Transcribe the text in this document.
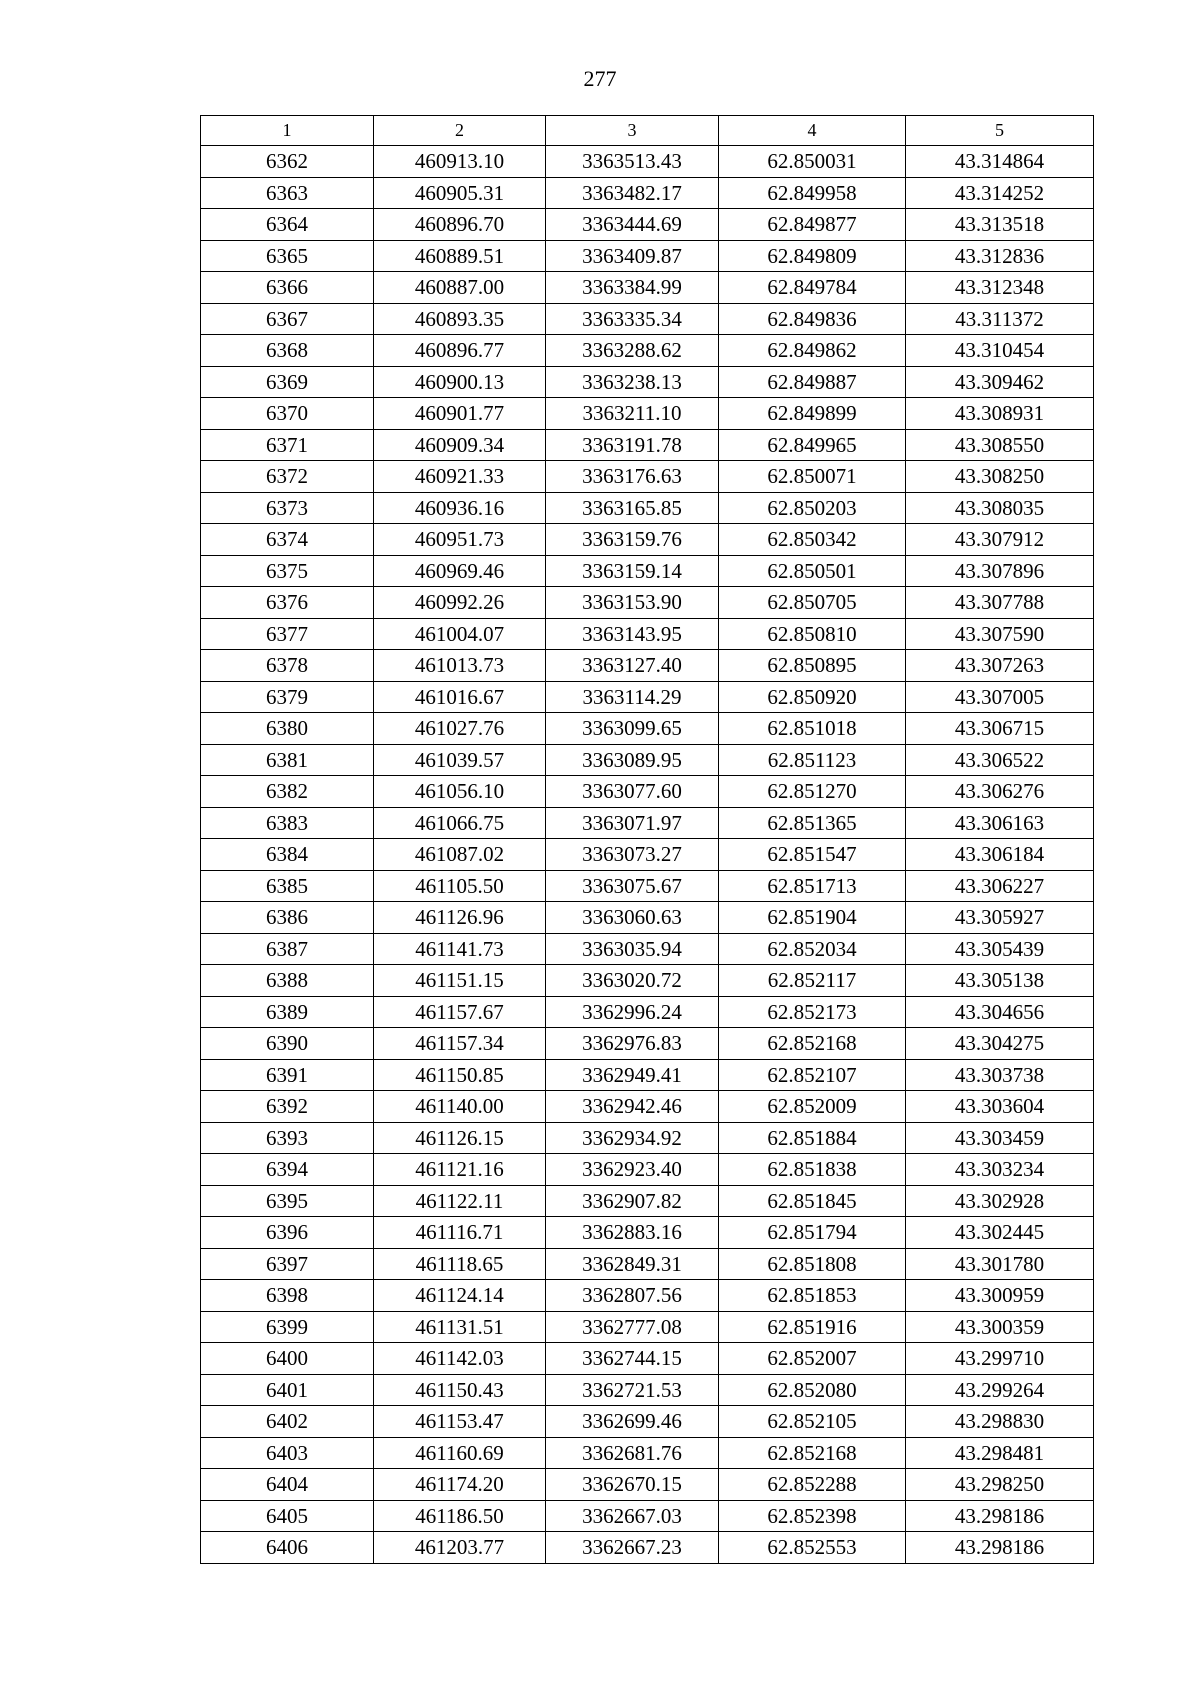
277
1	2	3	4	5
6362	460913.10	3363513.43	62.850031	43.314864
6363	460905.31	3363482.17	62.849958	43.314252
6364	460896.70	3363444.69	62.849877	43.313518
6365	460889.51	3363409.87	62.849809	43.312836
6366	460887.00	3363384.99	62.849784	43.312348
6367	460893.35	3363335.34	62.849836	43.311372
6368	460896.77	3363288.62	62.849862	43.310454
6369	460900.13	3363238.13	62.849887	43.309462
6370	460901.77	3363211.10	62.849899	43.308931
6371	460909.34	3363191.78	62.849965	43.308550
6372	460921.33	3363176.63	62.850071	43.308250
6373	460936.16	3363165.85	62.850203	43.308035
6374	460951.73	3363159.76	62.850342	43.307912
6375	460969.46	3363159.14	62.850501	43.307896
6376	460992.26	3363153.90	62.850705	43.307788
6377	461004.07	3363143.95	62.850810	43.307590
6378	461013.73	3363127.40	62.850895	43.307263
6379	461016.67	3363114.29	62.850920	43.307005
6380	461027.76	3363099.65	62.851018	43.306715
6381	461039.57	3363089.95	62.851123	43.306522
6382	461056.10	3363077.60	62.851270	43.306276
6383	461066.75	3363071.97	62.851365	43.306163
6384	461087.02	3363073.27	62.851547	43.306184
6385	461105.50	3363075.67	62.851713	43.306227
6386	461126.96	3363060.63	62.851904	43.305927
6387	461141.73	3363035.94	62.852034	43.305439
6388	461151.15	3363020.72	62.852117	43.305138
6389	461157.67	3362996.24	62.852173	43.304656
6390	461157.34	3362976.83	62.852168	43.304275
6391	461150.85	3362949.41	62.852107	43.303738
6392	461140.00	3362942.46	62.852009	43.303604
6393	461126.15	3362934.92	62.851884	43.303459
6394	461121.16	3362923.40	62.851838	43.303234
6395	461122.11	3362907.82	62.851845	43.302928
6396	461116.71	3362883.16	62.851794	43.302445
6397	461118.65	3362849.31	62.851808	43.301780
6398	461124.14	3362807.56	62.851853	43.300959
6399	461131.51	3362777.08	62.851916	43.300359
6400	461142.03	3362744.15	62.852007	43.299710
6401	461150.43	3362721.53	62.852080	43.299264
6402	461153.47	3362699.46	62.852105	43.298830
6403	461160.69	3362681.76	62.852168	43.298481
6404	461174.20	3362670.15	62.852288	43.298250
6405	461186.50	3362667.03	62.852398	43.298186
6406	461203.77	3362667.23	62.852553	43.298186
